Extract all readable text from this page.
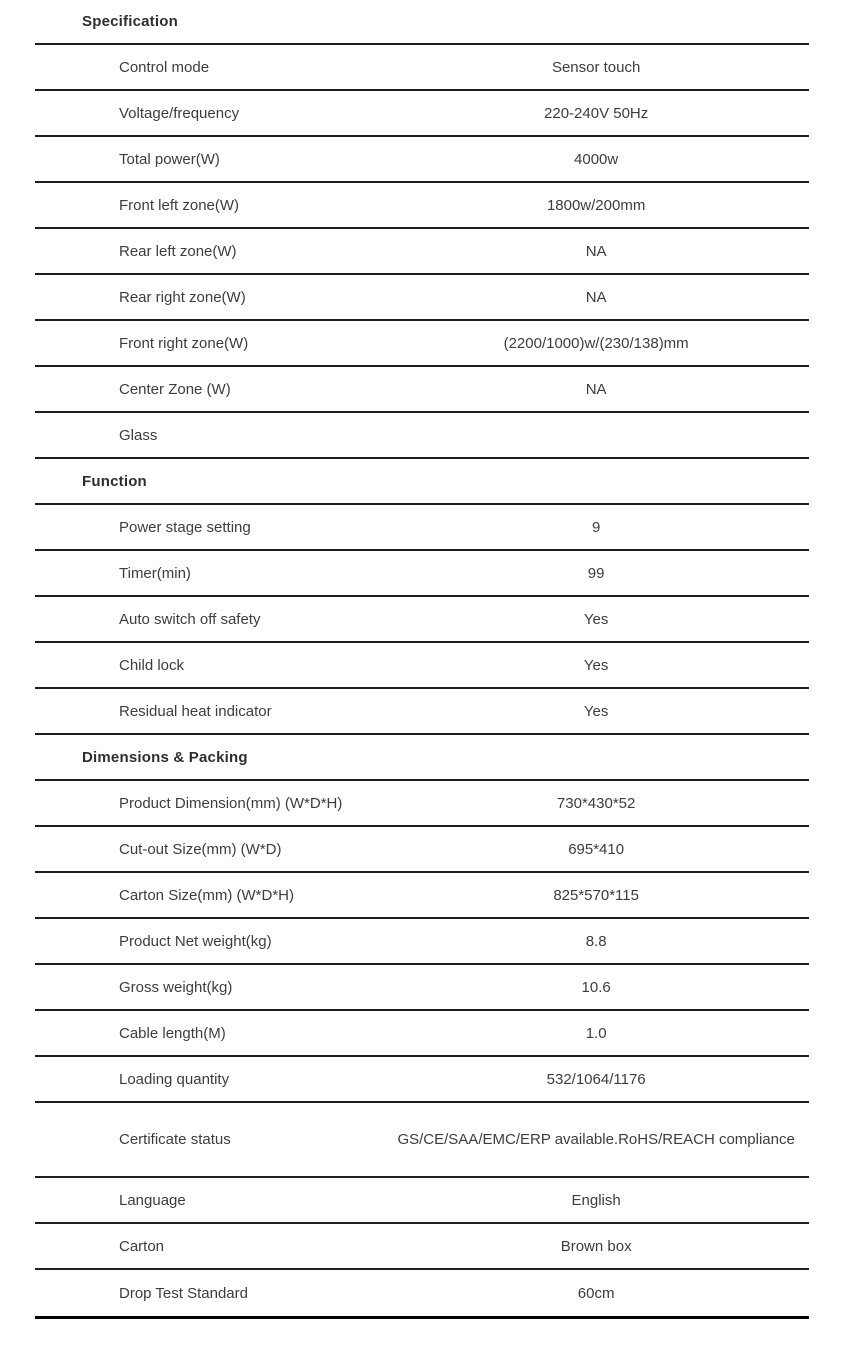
Specification
Control mode	Sensor touch
Voltage/frequency	220-240V 50Hz
Total power(W)	4000w
Front left zone(W)	1800w/200mm
Rear left zone(W)	NA
Rear right zone(W)	NA
Front right zone(W)	(2200/1000)w/(230/138)mm
Center Zone (W)	NA
Glass
Function
Power stage setting	9
Timer(min)	99
Auto switch off safety	Yes
Child lock	Yes
Residual heat indicator	Yes
Dimensions & Packing
Product Dimension(mm) (W*D*H)	730*430*52
Cut-out Size(mm) (W*D)	695*410
Carton Size(mm) (W*D*H)	825*570*115
Product Net weight(kg)	8.8
Gross weight(kg)	10.6
Cable length(M)	1.0
Loading quantity	532/1064/1176
Certificate status	GS/CE/SAA/EMC/ERP available.RoHS/REACH compliance
Language	English
Carton	Brown box
Drop Test Standard	60cm
